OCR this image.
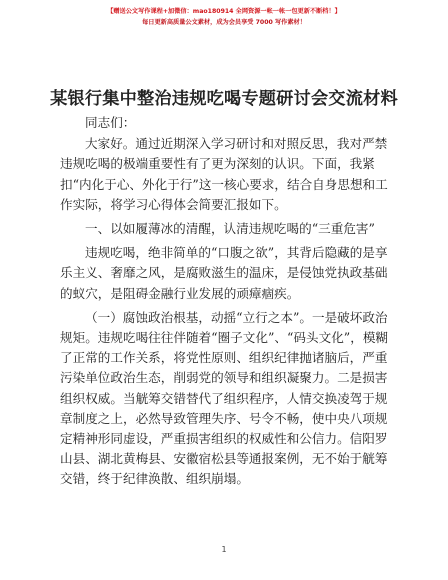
【赠送公文写作课程+加微信：mao180914 全网资源一帐一帐一包更新不断档！】
每日更新高质量公文素材，成为会员享受 7000 写作素材！
某银行集中整治违规吃喝专题研讨会交流材料

同志们：

大家好。通过近期深入学习研讨和对照反思，我对严禁违规吃喝的极端重要性有了更为深刻的认识。下面，我紧扣“内化于心、外化于行”这一核心要求，结合自身思想和工作实际，将学习心得体会简要汇报如下。

一、以如履薄冰的清醒，认清违规吃喝的“三重危害”

违规吃喝，绝非简单的“口腹之欲”，其背后隐藏的是享乐主义、奢靡之风，是腐败滋生的温床，是侵蚀党执政基础的蚁穴，是阻碍金融行业发展的顽瘴痼疾。

（一）腐蚀政治根基，动摇“立行之本”。一是破坏政治规矩。违规吃喝往往伴随着“圈子文化”、“码头文化”，模糊了正常的工作关系，将党性原则、组织纪律抛诸脑后，严重污染单位政治生态，削弱党的领导和组织凝聚力。二是损害组织权威。当觥筹交错替代了组织程序，人情交换凌驾于规章制度之上，必然导致管理失序、号令不畅，使中央八项规定精神形同虚设，严重损害组织的权威性和公信力。信阳罗山县、湖北黄梅县、安徽宿松县等通报案例，无不始于觥筹交错，终于纪律涣散、组织崩塌。

1
